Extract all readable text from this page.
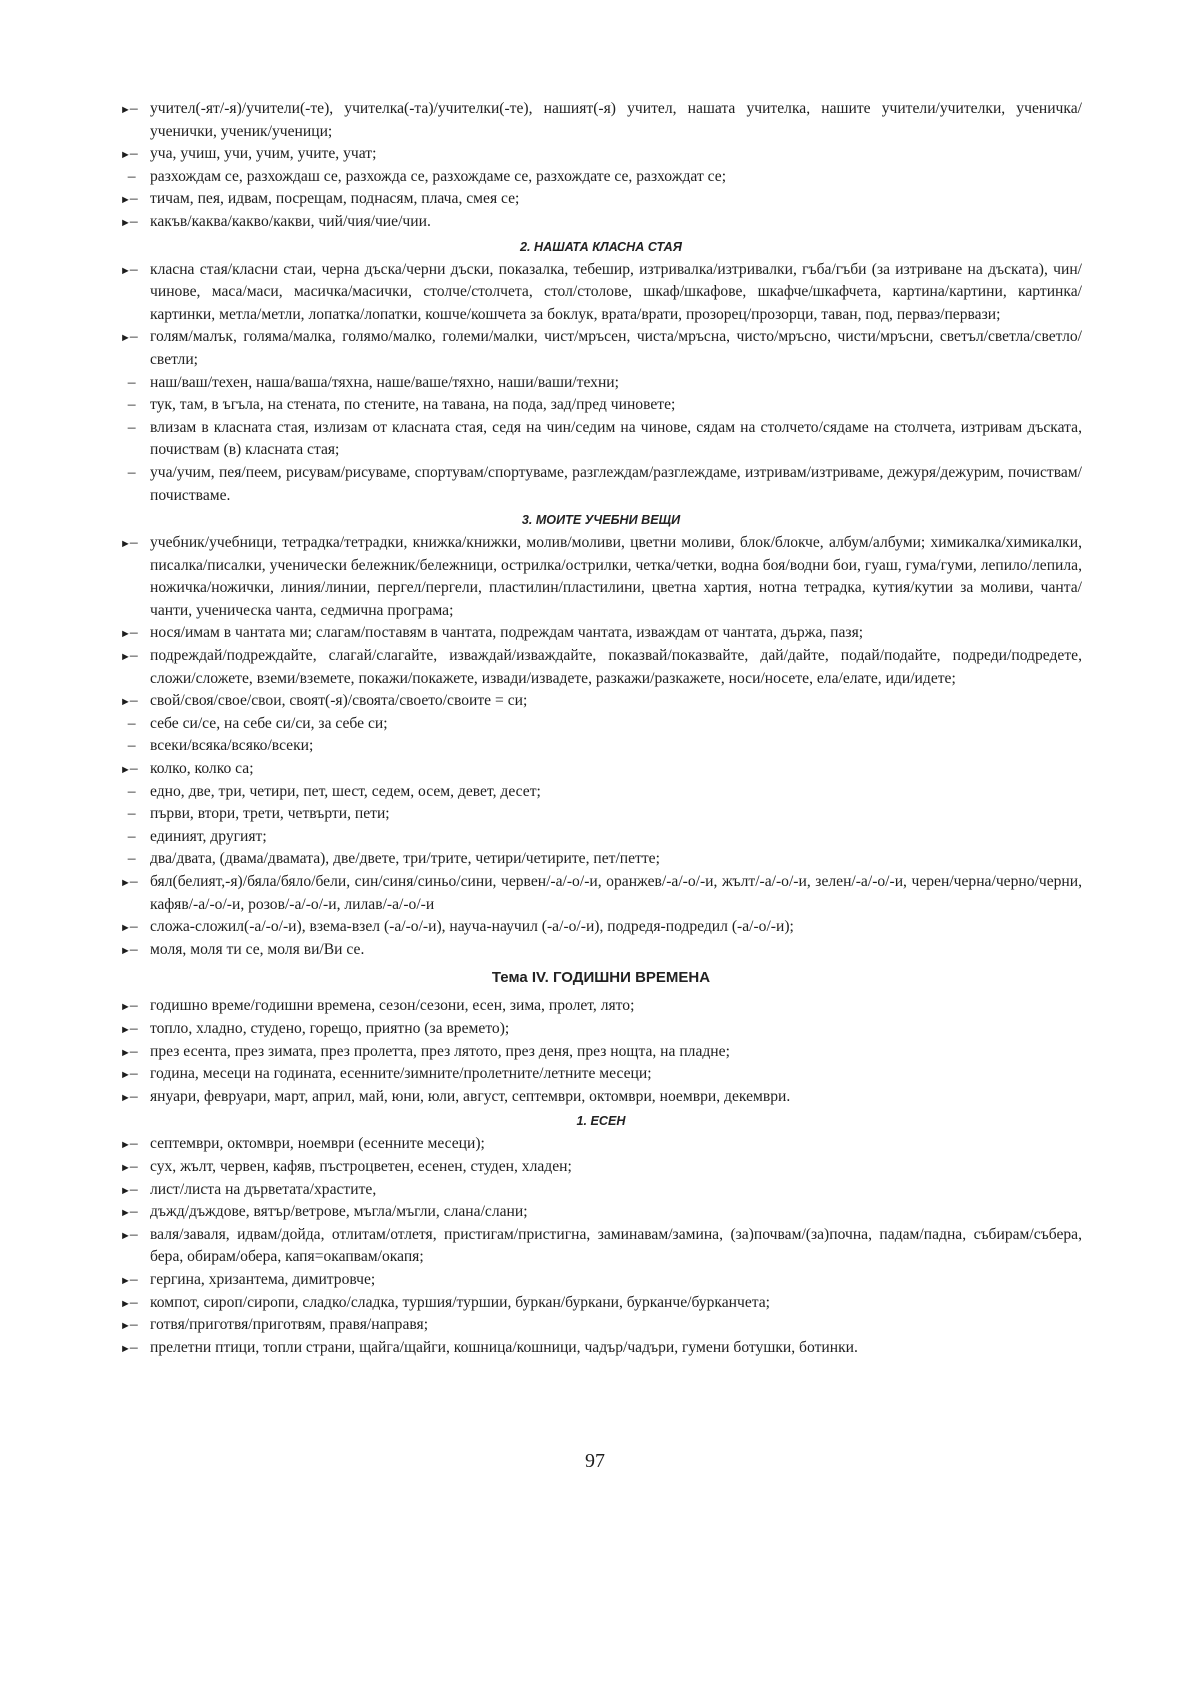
►– учител(-ят/-я)/учители(-те), учителка(-та)/учителки(-те), нашият(-я) учител, нашата учителка, нашите учители/учителки, ученичка/ученички, ученик/ученици;
►– уча, учиш, учи, учим, учите, учат;
– разхождам се, разхождаш се, разхожда се, разхождаме се, разхождате се, разхождат се;
►– тичам, пея, идвам, посрещам, поднасям, плача, смея се;
►– какъв/каква/какво/какви, чий/чия/чие/чии.
2. НАШАТА КЛАСНА СТАЯ
►– класна стая/класни стаи, черна дъска/черни дъски, показалка, тебешир, изтривалка/изтривалки, гъба/гъби (за изтриване на дъската), чин/чинове, маса/маси, масичка/масички, столче/столчета, стол/столове, шкаф/шкафове, шкафче/шкафчета, картина/картини, картинка/картинки, метла/метли, лопатка/лопатки, кошче/кошчета за боклук, врата/врати, прозорец/прозорци, таван, под, перваз/первази;
►– голям/малък, голяма/малка, голямо/малко, големи/малки, чист/мръсен, чиста/мръсна, чисто/мръсно, чисти/мръсни, светъл/светла/светло/светли;
– наш/ваш/техен, наша/ваша/тяхна, наше/ваше/тяхно, наши/ваши/техни;
– тук, там, в ъгъла, на стената, по стените, на тавана, на пода, зад/пред чиновете;
– влизам в класната стая, излизам от класната стая, седя на чин/седим на чинове, сядам на столчето/сядаме на столчета, изтривам дъската, почиствам (в) класната стая;
– уча/учим, пея/пеем, рисувам/рисуваме, спортувам/спортуваме, разглеждам/разглеждаме, изтривам/изтриваме, дежуря/дежурим, почиствам/почистваме.
3. МОИТЕ УЧЕБНИ ВЕЩИ
►– учебник/учебници, тетрадка/тетрадки, книжка/книжки, молив/моливи, цветни моливи, блок/блокче, албум/албуми; химикалка/химикалки, писалка/писалки, ученически бележник/бележници, острилка/острилки, четка/четки, водна боя/водни бои, гуаш, гума/гуми, лепило/лепила, ножичка/ножички, линия/линии, пергел/пергели, пластилин/пластилини, цветна хартия, нотна тетрадка, кутия/кутии за моливи, чанта/чанти, ученическа чанта, седмична програма;
►– нося/имам в чантата ми; слагам/поставям в чантата, подреждам чантата, изваждам от чантата, държа, пазя;
►– подреждай/подреждайте, слагай/слагайте, изваждай/изваждайте, показвай/показвайте, дай/дайте, подай/подайте, подреди/подредете, сложи/сложете, вземи/вземете, покажи/покажете, извади/извадете, разкажи/разкажете, носи/носете, ела/елате, иди/идете;
►– свой/своя/свое/свои, своят(-я)/своята/своето/своите = си;
– себе си/се, на себе си/си, за себе си;
– всеки/всяка/всяко/всеки;
►– колко, колко са;
– едно, две, три, четири, пет, шест, седем, осем, девет, десет;
– първи, втори, трети, четвърти, пети;
– единият, другият;
– два/двата, (двама/двамата), две/двете, три/трите, четири/четирите, пет/петте;
►– бял(белият,-я)/бяла/бяло/бели, син/синя/синьо/сини, червен/-а/-о/-и, оранжев/-а/-о/-и, жълт/-а/-о/-и, зелен/-а/-о/-и, черен/черна/черно/черни, кафяв/-а/-о/-и, розов/-а/-о/-и, лилав/-а/-о/-и
►– сложа-сложил(-а/-о/-и), взема-взел (-а/-о/-и), науча-научил (-а/-о/-и), подредя-подредил (-а/-о/-и);
►– моля, моля ти се, моля ви/Ви се.
Тема IV. ГОДИШНИ ВРЕМЕНА
►– годишно време/годишни времена, сезон/сезони, есен, зима, пролет, лято;
►– топло, хладно, студено, горещо, приятно (за времето);
►– през есента, през зимата, през пролетта, през лятото, през деня, през нощта, на пладне;
►– година, месеци на годината, есенните/зимните/пролетните/летните месеци;
►– януари, февруари, март, април, май, юни, юли, август, септември, октомври, ноември, декември.
1. ЕСЕН
►– септември, октомври, ноември (есенните месеци);
►– сух, жълт, червен, кафяв, пъстроцветен, есенен, студен, хладен;
►– лист/листа на дърветата/храстите,
►– дъжд/дъждове, вятър/ветрове, мъгла/мъгли, слана/слани;
►– валя/заваля, идвам/дойда, отлитам/отлетя, пристигам/пристигна, заминавам/замина, (за)почвам/(за)почна, падам/падна, събирам/събера, бера, обирам/обера, капя=окапвам/окапя;
►– гергина, хризантема, димитровче;
►– компот, сироп/сиропи, сладко/сладка, туршия/туршии, буркан/буркани, бурканче/бурканчета;
►– готвя/приготвя/приготвям, правя/направя;
►– прелетни птици, топли страни, щайга/щайги, кошница/кошници, чадър/чадъри, гумени ботушки, ботинки.
97
